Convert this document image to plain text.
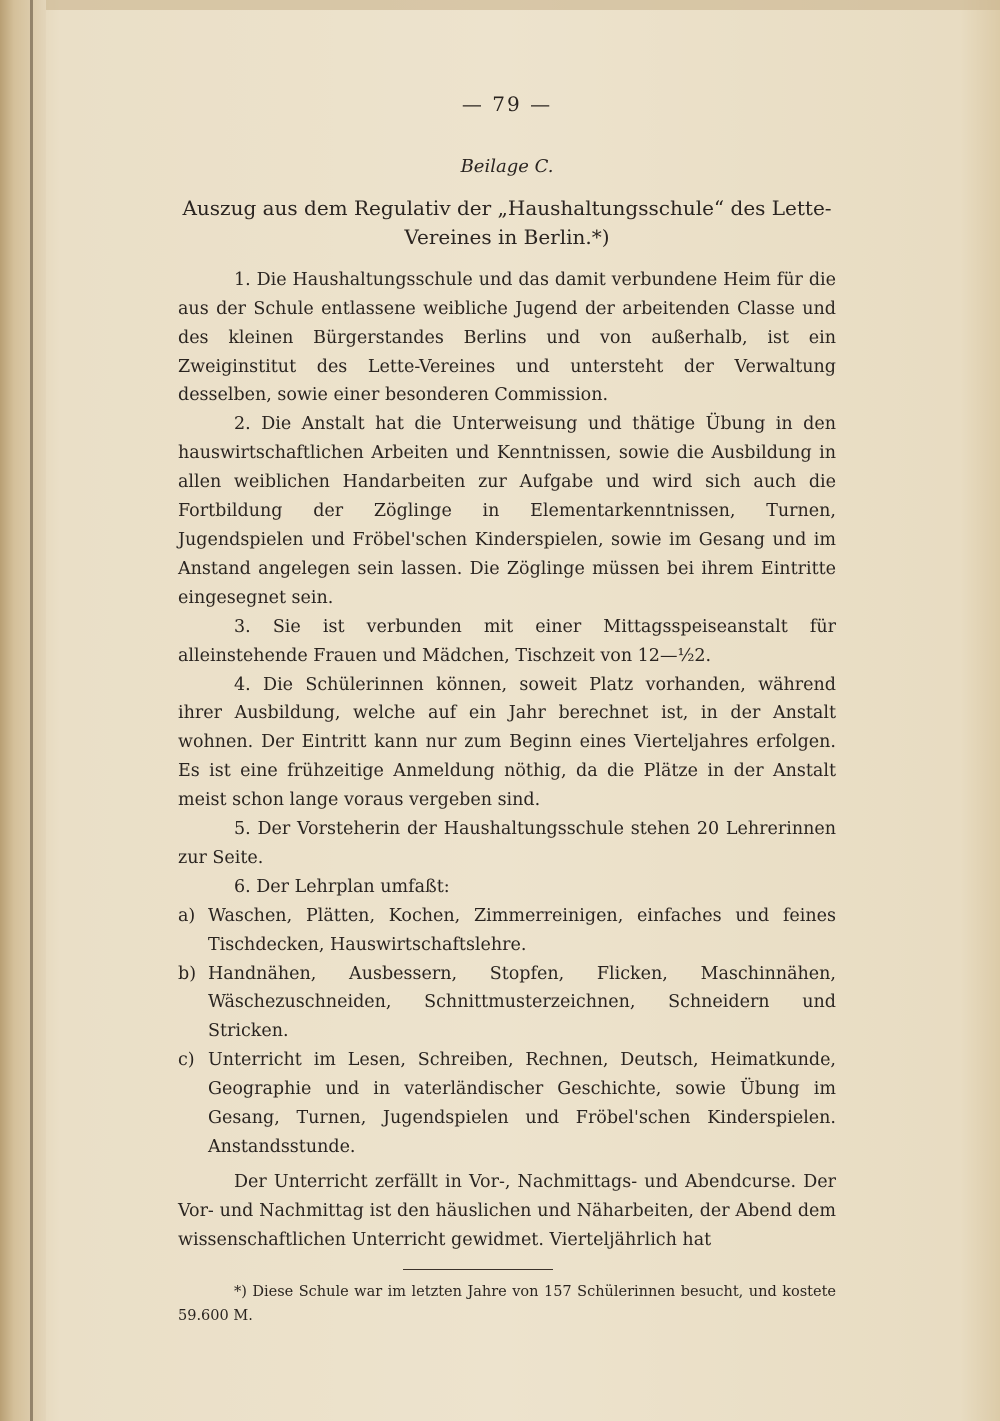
— 79 —
Beilage C.
Auszug aus dem Regulativ der „Haushaltungsschule“ des Lette-Vereines in Berlin.*)

1. Die Haushaltungsschule und das damit verbundene Heim für die aus der Schule entlassene weibliche Jugend der arbeitenden Classe und des kleinen Bürgerstandes Berlins und von außerhalb, ist ein Zweiginstitut des Lette-Vereines und untersteht der Verwaltung desselben, sowie einer besonderen Commission.

2. Die Anstalt hat die Unterweisung und thätige Übung in den hauswirtschaftlichen Arbeiten und Kenntnissen, sowie die Ausbildung in allen weiblichen Handarbeiten zur Aufgabe und wird sich auch die Fortbildung der Zöglinge in Elementarkenntnissen, Turnen, Jugendspielen und Fröbel'schen Kinderspielen, sowie im Gesang und im Anstand angelegen sein lassen. Die Zöglinge müssen bei ihrem Eintritte eingesegnet sein.

3. Sie ist verbunden mit einer Mittagsspeiseanstalt für alleinstehende Frauen und Mädchen, Tischzeit von 12—½2.

4. Die Schülerinnen können, soweit Platz vorhanden, während ihrer Ausbildung, welche auf ein Jahr berechnet ist, in der Anstalt wohnen. Der Eintritt kann nur zum Beginn eines Vierteljahres erfolgen. Es ist eine frühzeitige Anmeldung nöthig, da die Plätze in der Anstalt meist schon lange voraus vergeben sind.

5. Der Vorsteherin der Haushaltungsschule stehen 20 Lehrerinnen zur Seite.

6. Der Lehrplan umfaßt:

a) Waschen, Plätten, Kochen, Zimmerreinigen, einfaches und feines Tischdecken, Hauswirtschaftslehre.
b) Handnähen, Ausbessern, Stopfen, Flicken, Maschinnähen, Wäschezuschneiden, Schnittmusterzeichnen, Schneidern und Stricken.
c) Unterricht im Lesen, Schreiben, Rechnen, Deutsch, Heimatkunde, Geographie und in vaterländischer Geschichte, sowie Übung im Gesang, Turnen, Jugendspielen und Fröbel'schen Kinderspielen. Anstandsstunde.

Der Unterricht zerfällt in Vor-, Nachmittags- und Abendcurse. Der Vor- und Nachmittag ist den häuslichen und Näharbeiten, der Abend dem wissenschaftlichen Unterricht gewidmet. Vierteljährlich hat

*) Diese Schule war im letzten Jahre von 157 Schülerinnen besucht, und kostete 59.600 M.
